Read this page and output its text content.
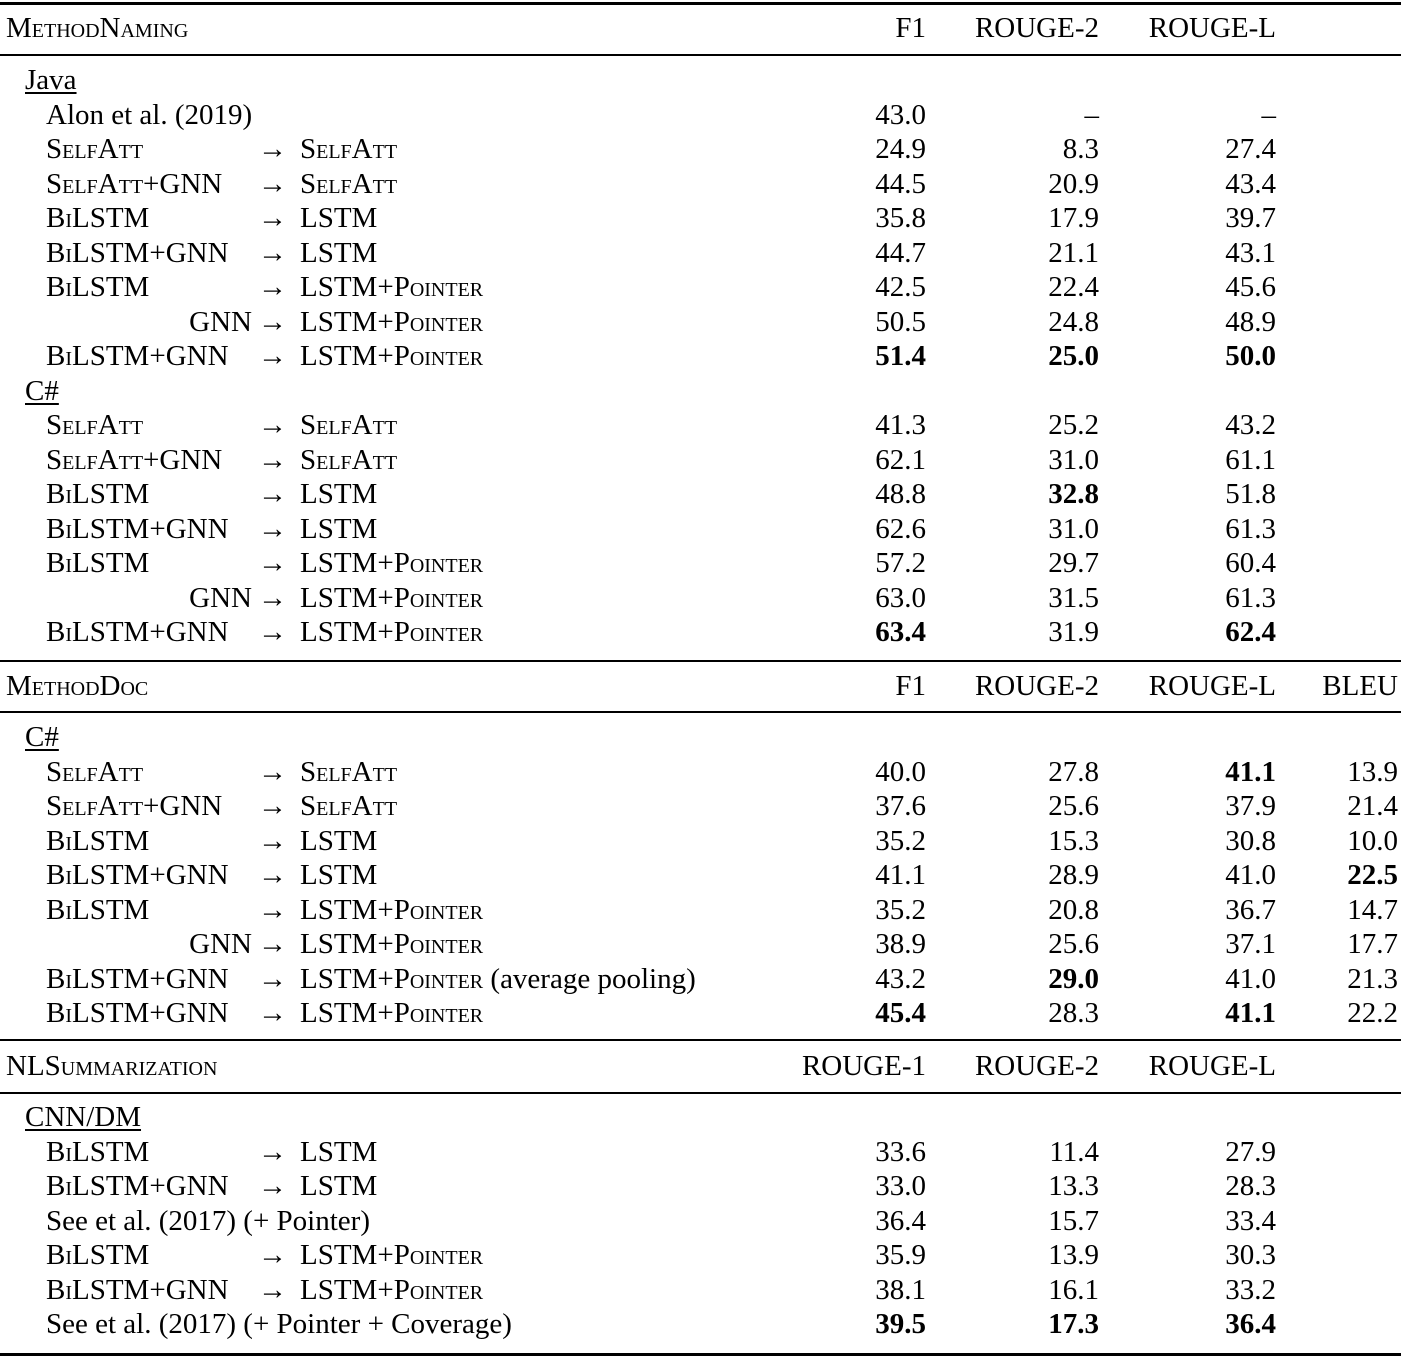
MethodNaming	F1 ROUGE-2 ROUGE-L
Java
Alon et al. (2019)	43.0	–	–
SelfAtt	→ SelfAtt	24.9	8.3	27.4
SelfAtt+GNN → SelfAtt	44.5	20.9	43.4
BiLSTM	→ LSTM	35.8	17.9	39.7
BiLSTM+GNN → LSTM	44.7	21.1	43.1
BiLSTM	→ LSTM+Pointer	42.5	22.4	45.6
GNN → LSTM+Pointer	50.5	24.8	48.9
BiLSTM+GNN → LSTM+Pointer	51.4	25.0	50.0
C#
SelfAtt	→ SelfAtt	41.3	25.2	43.2
SelfAtt+GNN → SelfAtt	62.1	31.0	61.1
BiLSTM	→ LSTM	48.8	32.8	51.8
BiLSTM+GNN → LSTM	62.6	31.0	61.3
BiLSTM	→ LSTM+Pointer	57.2	29.7	60.4
GNN → LSTM+Pointer	63.0	31.5	61.3
BiLSTM+GNN → LSTM+Pointer	63.4	31.9	62.4
MethodDoc	F1 ROUGE-2 ROUGE-L BLEU
C#
SelfAtt	→ SelfAtt	40.0	27.8	41.1 13.9
SelfAtt+GNN → SelfAtt	37.6	25.6	37.9 21.4
BiLSTM	→ LSTM	35.2	15.3	30.8 10.0
BiLSTM+GNN → LSTM	41.1	28.9	41.0 22.5
BiLSTM	→ LSTM+Pointer	35.2	20.8	36.7 14.7
GNN → LSTM+Pointer	38.9	25.6	37.1 17.7
BiLSTM+GNN → LSTM+Pointer (average pooling)	43.2	29.0	41.0 21.3
BiLSTM+GNN → LSTM+Pointer	45.4	28.3	41.1 22.2
NLSummarization	ROUGE-1 ROUGE-2 ROUGE-L
CNN/DM
BiLSTM	→ LSTM	33.6	11.4	27.9
BiLSTM+GNN → LSTM	33.0	13.3	28.3
See et al. (2017) (+ Pointer)	36.4	15.7	33.4
BiLSTM	→ LSTM+Pointer	35.9	13.9	30.3
BiLSTM+GNN → LSTM+Pointer	38.1	16.1	33.2
See et al. (2017) (+ Pointer + Coverage)	39.5	17.3	36.4
